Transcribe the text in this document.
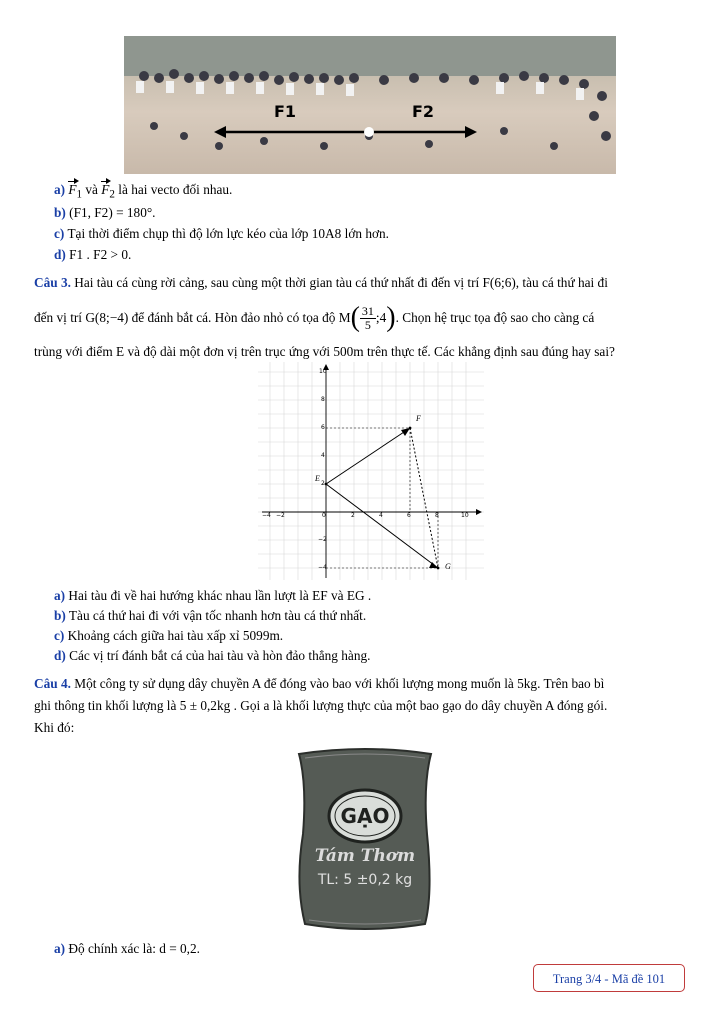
F1	F2
a) $F_1$ và $F_2$ là hai vecto đối nhau.
b) (F1, F2) = 180°.
c) Tại thời điểm chụp thì độ lớn lực kéo của lớp 10A8 lớn hơn.
d) F1 . F2 > 0.
Câu 3. Hai tàu cá cùng rời cảng, sau cùng một thời gian tàu cá thứ nhất đi đến vị trí F(6;6), tàu cá thứ hai đi
đến vị trí G(8;−4) để đánh bắt cá. Hòn đảo nhỏ có tọa độ M ( $\frac{31}{5}$ ;4 ) . Chọn hệ trục tọa độ sao cho càng cá
trùng với điểm E và độ dài một đơn vị trên trục ứng với 500m trên thực tế. Các khẳng định sau đúng hay sai?
−4 −2	0	2	4	6	8	10
10
8
6
4
2
−2
−4
E
F
G
a) Hai tàu đi về hai hướng khác nhau lần lượt là EF và EG .
b) Tàu cá thứ hai đi với vận tốc nhanh hơn tàu cá thứ nhất.
c) Khoảng cách giữa hai tàu xấp xỉ 5099m.
d) Các vị trí đánh bắt cá của hai tàu và hòn đảo thẳng hàng.
Câu 4. Một công ty sử dụng dây chuyền A để đóng vào bao với khối lượng mong muốn là 5kg. Trên bao bì
ghi thông tin khối lượng là 5 ± 0,2kg . Gọi a là khối lượng thực của một bao gạo do dây chuyền A đóng gói.
Khi đó:
GẠO
Tám Thơm
TL: 5 ±0,2 kg
a) Độ chính xác là: d = 0,2.
Trang 3/4 - Mã đề 101
